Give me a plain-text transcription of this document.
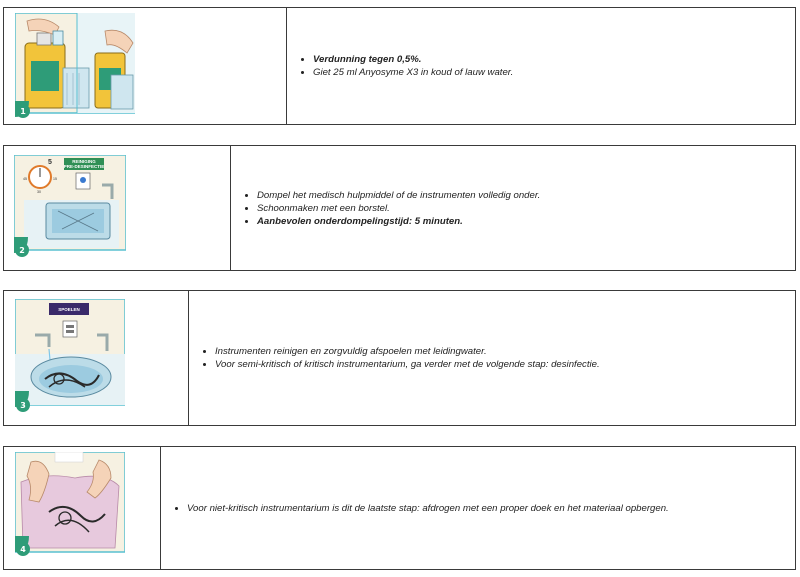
1
• Verdunning tegen 0,5%.
• Giet 25 ml Anyosyme X3 in koud of lauw water.
5
45	15
30
REINIGING
PRE-DESINFECTIE
2
• Dompel het medisch hulpmiddel of de instrumenten volledig onder.
• Schoonmaken met een borstel.
• Aanbevolen onderdompelingstijd: 5 minuten.
SPOELEN
3
• Instrumenten reinigen en zorgvuldig afspoelen met leidingwater.
• Voor semi-kritisch of kritisch instrumentarium, ga verder met de volgende stap: desinfectie.
4
• Voor niet-kritisch instrumentarium is dit de laatste stap: afdrogen met een proper doek en het materiaal opbergen.
